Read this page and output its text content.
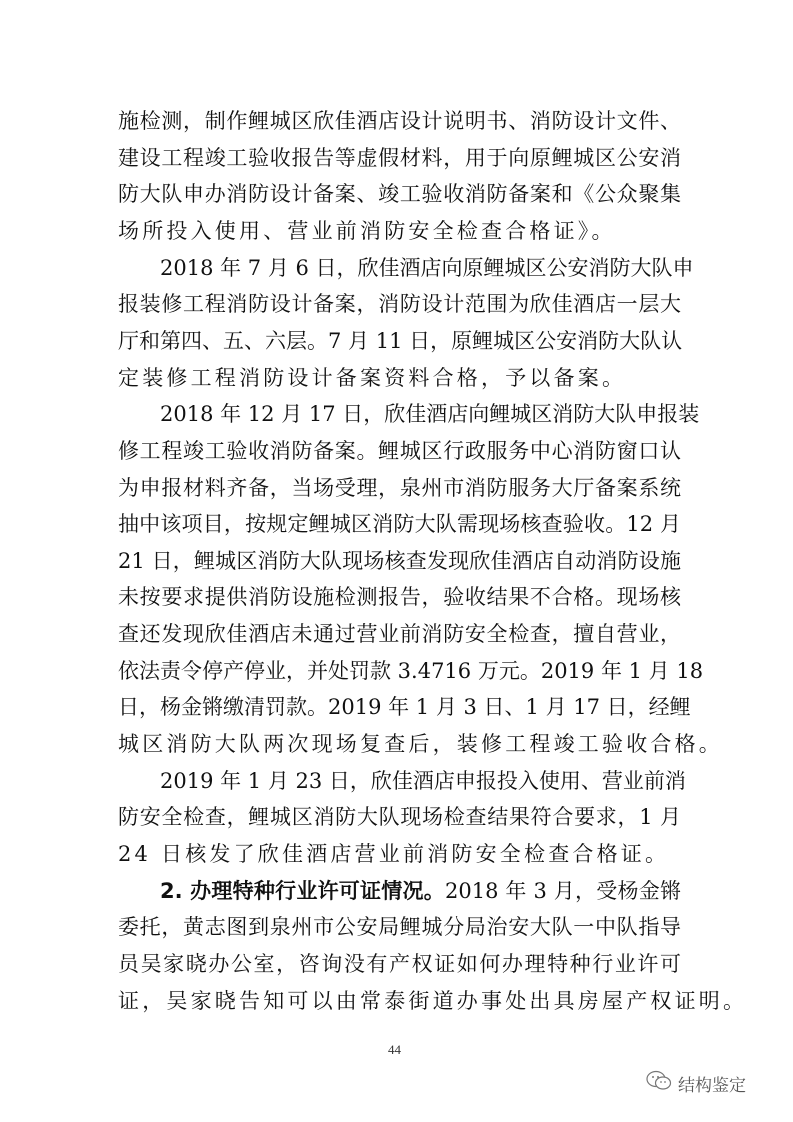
施检测，制作鲤城区欣佳酒店设计说明书、消防设计文件、
建设工程竣工验收报告等虚假材料，用于向原鲤城区公安消
防大队申办消防设计备案、竣工验收消防备案和《公众聚集
场所投入使用、营业前消防安全检查合格证》。
2018 年 7 月 6 日，欣佳酒店向原鲤城区公安消防大队申
报装修工程消防设计备案，消防设计范围为欣佳酒店一层大
厅和第四、五、六层。7 月 11 日，原鲤城区公安消防大队认
定装修工程消防设计备案资料合格，予以备案。
2018 年 12 月 17 日，欣佳酒店向鲤城区消防大队申报装
修工程竣工验收消防备案。鲤城区行政服务中心消防窗口认
为申报材料齐备，当场受理，泉州市消防服务大厅备案系统
抽中该项目，按规定鲤城区消防大队需现场核查验收。12 月
21 日，鲤城区消防大队现场核查发现欣佳酒店自动消防设施
未按要求提供消防设施检测报告，验收结果不合格。现场核
查还发现欣佳酒店未通过营业前消防安全检查，擅自营业，
依法责令停产停业，并处罚款 3.4716 万元。2019 年 1 月 18
日，杨金锵缴清罚款。2019 年 1 月 3 日、1 月 17 日，经鲤
城区消防大队两次现场复查后，装修工程竣工验收合格。
2019 年 1 月 23 日，欣佳酒店申报投入使用、营业前消
防安全检查，鲤城区消防大队现场检查结果符合要求，1 月
24 日核发了欣佳酒店营业前消防安全检查合格证。
2. 办理特种行业许可证情况。2018 年 3 月，受杨金锵
委托，黄志图到泉州市公安局鲤城分局治安大队一中队指导
员吴家晓办公室，咨询没有产权证如何办理特种行业许可
证，吴家晓告知可以由常泰街道办事处出具房屋产权证明。
44
结构鉴定
